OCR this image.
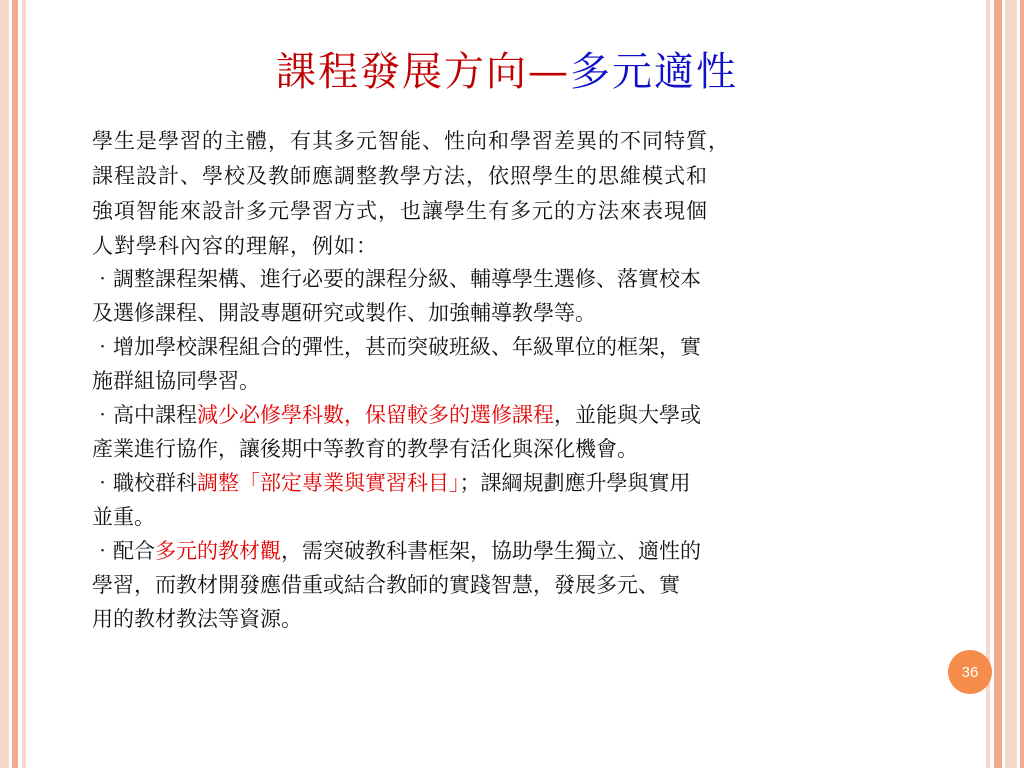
課程發展方向—多元適性
學生是學習的主體，有其多元智能、性向和學習差異的不同特質，
課程設計、學校及教師應調整教學方法，依照學生的思維模式和
強項智能來設計多元學習方式，也讓學生有多元的方法來表現個
人對學科內容的理解，例如：
‧調整課程架構、進行必要的課程分級、輔導學生選修、落實校本
及選修課程、開設專題研究或製作、加強輔導教學等。
‧增加學校課程組合的彈性，甚而突破班級、年級單位的框架，實
施群組協同學習。
‧高中課程減少必修學科數，保留較多的選修課程，並能與大學或
產業進行協作，讓後期中等教育的教學有活化與深化機會。
‧職校群科調整「部定專業與實習科目」；課綱規劃應升學與實用
並重。
‧配合多元的教材觀，需突破教科書框架，協助學生獨立、適性的
學習，而教材開發應借重或結合教師的實踐智慧，發展多元、實
用的教材教法等資源。
36
